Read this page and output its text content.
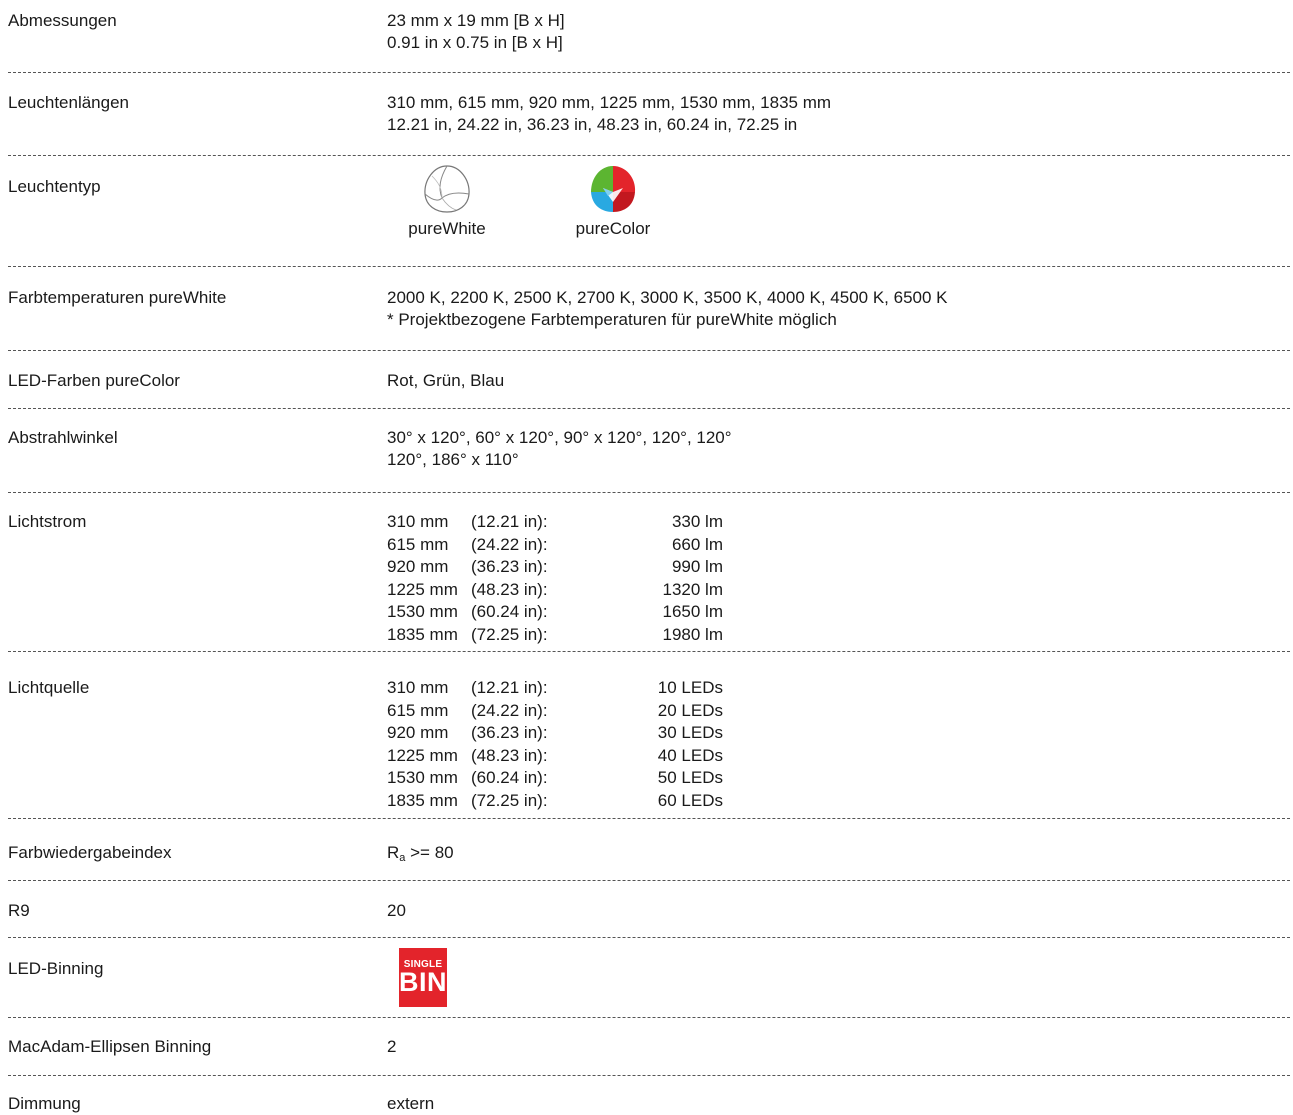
Abmessungen	23 mm x 19 mm [B x H]
0.91 in x 0.75 in [B x H]
Leuchtenlängen	310 mm, 615 mm, 920 mm, 1225 mm, 1530 mm, 1835 mm
12.21 in, 24.22 in, 36.23 in, 48.23 in, 60.24 in, 72.25 in
Leuchtentyp
pureWhite	pureColor
Farbtemperaturen pureWhite	2000 K, 2200 K, 2500 K, 2700 K, 3000 K, 3500 K, 4000 K, 4500 K, 6500 K
* Projektbezogene Farbtemperaturen für pureWhite möglich
LED-Farben pureColor	Rot, Grün, Blau
Abstrahlwinkel	30° x 120°, 60° x 120°, 90° x 120°, 120°, 120°
120°, 186° x 110°
Lichtstrom	310 mm (12.21 in):	330 lm
615 mm (24.22 in):	660 lm
920 mm (36.23 in):	990 lm
1225 mm (48.23 in):	1320 lm
1530 mm (60.24 in):	1650 lm
1835 mm (72.25 in):	1980 lm
Lichtquelle	310 mm (12.21 in):	10 LEDs
615 mm (24.22 in):	20 LEDs
920 mm (36.23 in):	30 LEDs
1225 mm (48.23 in):	40 LEDs
1530 mm (60.24 in):	50 LEDs
1835 mm (72.25 in):	60 LEDs
Farbwiedergabeindex	$R_a >= 80$
R9	20
LED-Binning	SINGLE
BIN
MacAdam-Ellipsen Binning	2
Dimmung	extern
